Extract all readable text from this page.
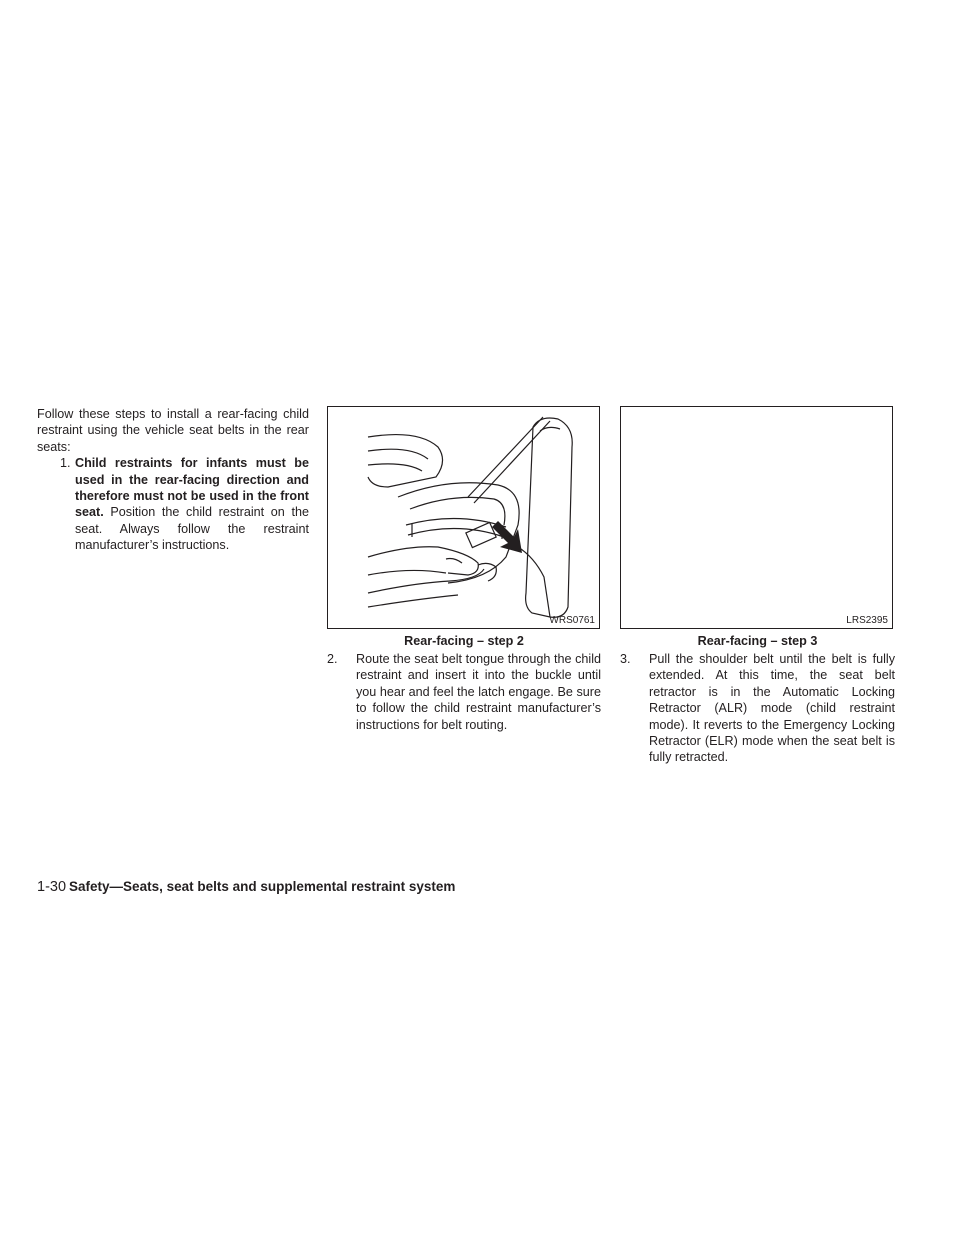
Follow these steps to install a rear-facing child restraint using the vehicle seat belts in the rear seats:

1. Child restraints for infants must be used in the rear-facing direction and therefore must not be used in the front seat. Position the child restraint on the seat. Always follow the restraint manufacturer’s instructions.

WRS0761
Rear-facing – step 2

2. Route the seat belt tongue through the child restraint and insert it into the buckle until you hear and feel the latch engage. Be sure to follow the child restraint manufacturer’s instructions for belt routing.

LRS2395
Rear-facing – step 3

3. Pull the shoulder belt until the belt is fully extended. At this time, the seat belt retractor is in the Automatic Locking Retractor (ALR) mode (child restraint mode). It reverts to the Emergency Locking Retractor (ELR) mode when the seat belt is fully retracted.

1-30 Safety—Seats, seat belts and supplemental restraint system
